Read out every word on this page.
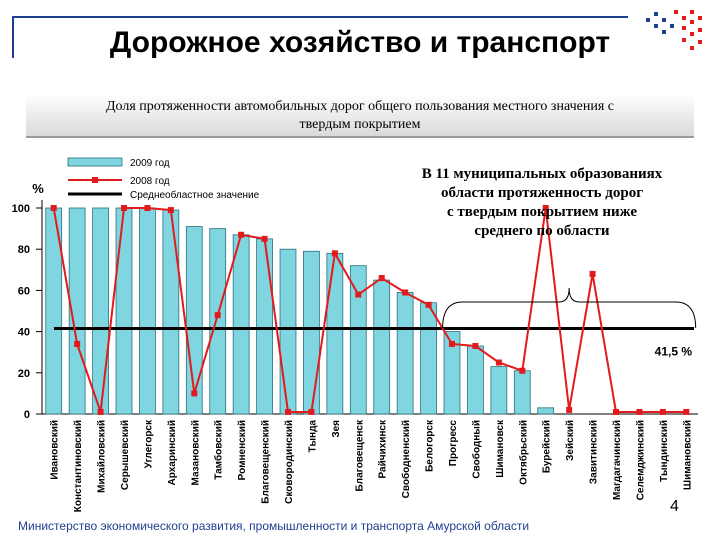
Дорожное хозяйство и транспорт
Доля протяженности автомобильных дорог общего пользования местного значения с
твердым покрытием
%
0
20
40
60
80
100
41,5 %
Ивановский Константиновский Михайловский Серышевский Углегорск Архаринский Мазановский Тамбовский Ромненский Благовещенский Сковородинский Тында Зея Благовещенск Райчихинск Свободненский Белогорск Прогресс Свободный Шимановск Октябрьский Бурейский Зейский Завитинский Магдагачинский Селемджинский Тындинский Шимановский
2009 год
2008 год
Среднеобластное значение
В 11 муниципальных образованиях
области протяженность дорог
с твердым покрытием ниже
среднего по области
4
Министерство экономического развития, промышленности и транспорта Амурской области
